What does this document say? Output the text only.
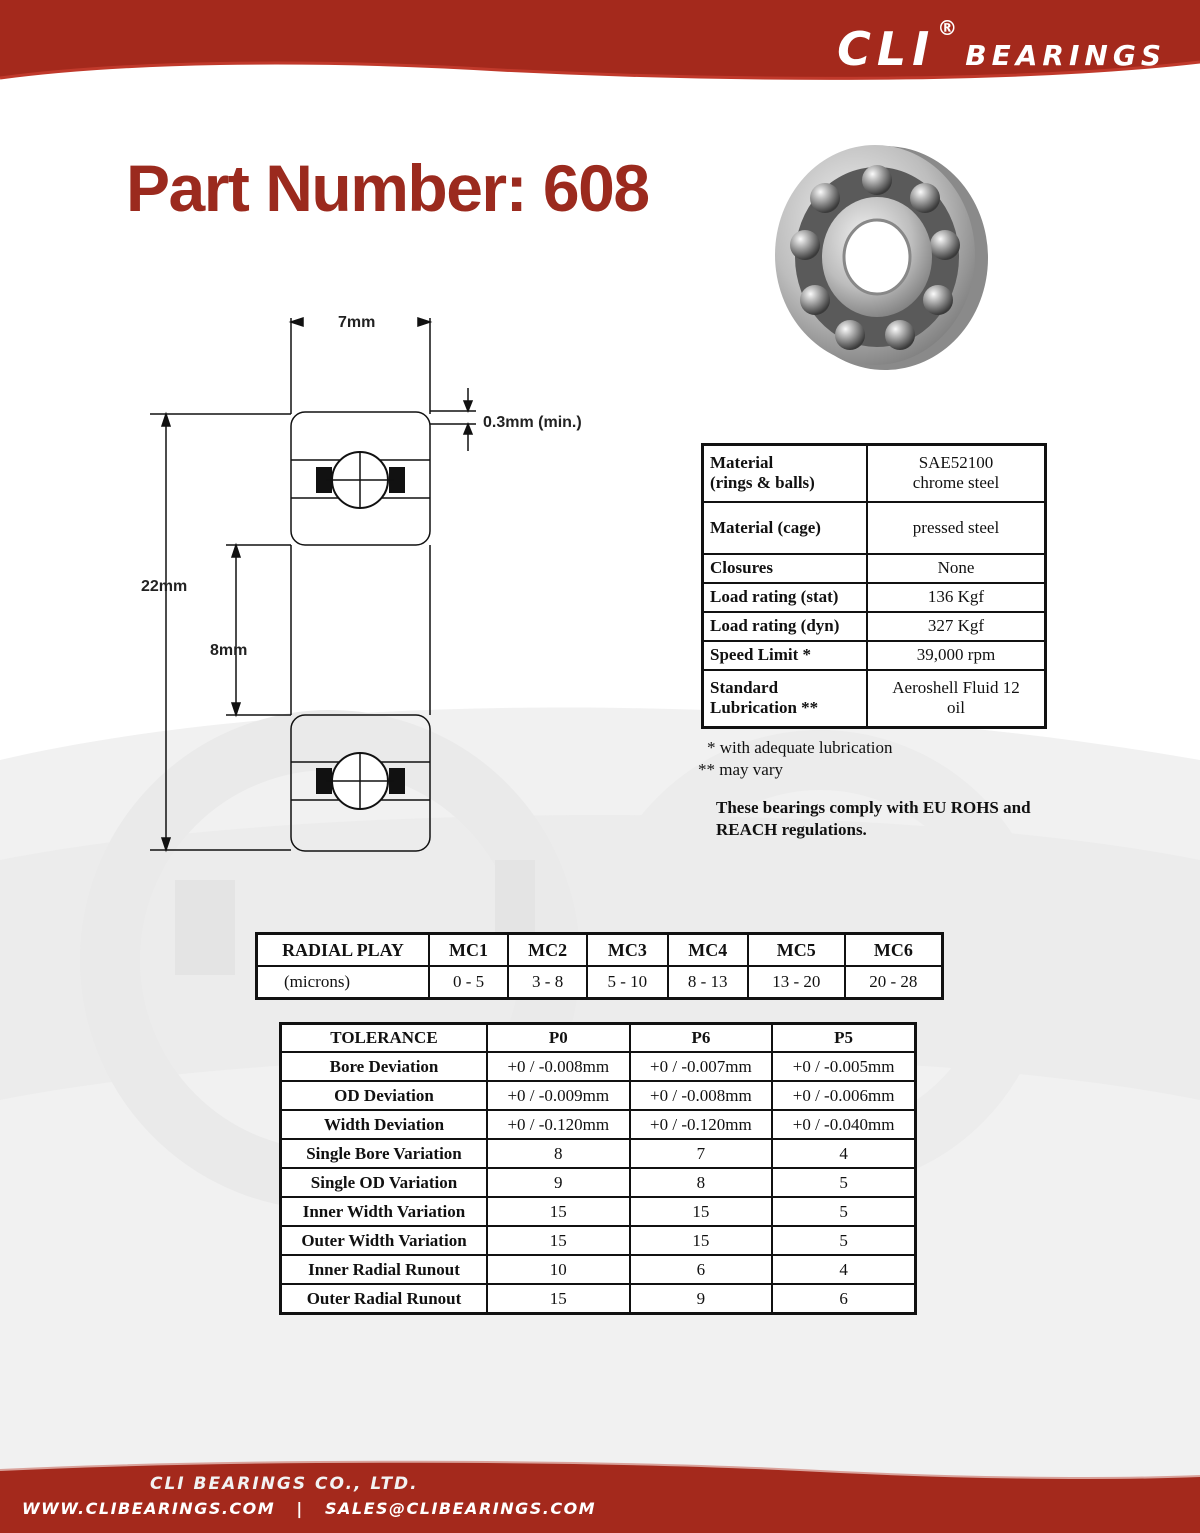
CLI ®BEARINGS
Part Number: 608
7mm
0.3mm (min.)
22mm
8mm
Material
(rings & balls)	SAE52100
chrome steel
Material (cage)	pressed steel
Closures	None
Load rating (stat)	136 Kgf
Load rating (dyn)	327 Kgf
Speed Limit *	39,000 rpm
Standard
Lubrication **	Aeroshell Fluid 12
oil
* with adequate lubrication
** may vary
These bearings comply with EU ROHS and REACH regulations.
RADIAL PLAY	MC1	MC2	MC3	MC4	MC5	MC6
(microns)	0 - 5	3 - 8	5 - 10	8 - 13	13 - 20	20 - 28
TOLERANCE	P0	P6	P5
Bore Deviation	+0 / -0.008mm	+0 / -0.007mm	+0 / -0.005mm
OD Deviation	+0 / -0.009mm	+0 / -0.008mm	+0 / -0.006mm
Width Deviation	+0 / -0.120mm	+0 / -0.120mm	+0 / -0.040mm
Single Bore Variation	8	7	4
Single OD Variation	9	8	5
Inner Width Variation	15	15	5
Outer Width Variation	15	15	5
Inner Radial Runout	10	6	4
Outer Radial Runout	15	9	6
CLI BEARINGS CO., LTD.
WWW.CLIBEARINGS.COM | SALES@CLIBEARINGS.COM
